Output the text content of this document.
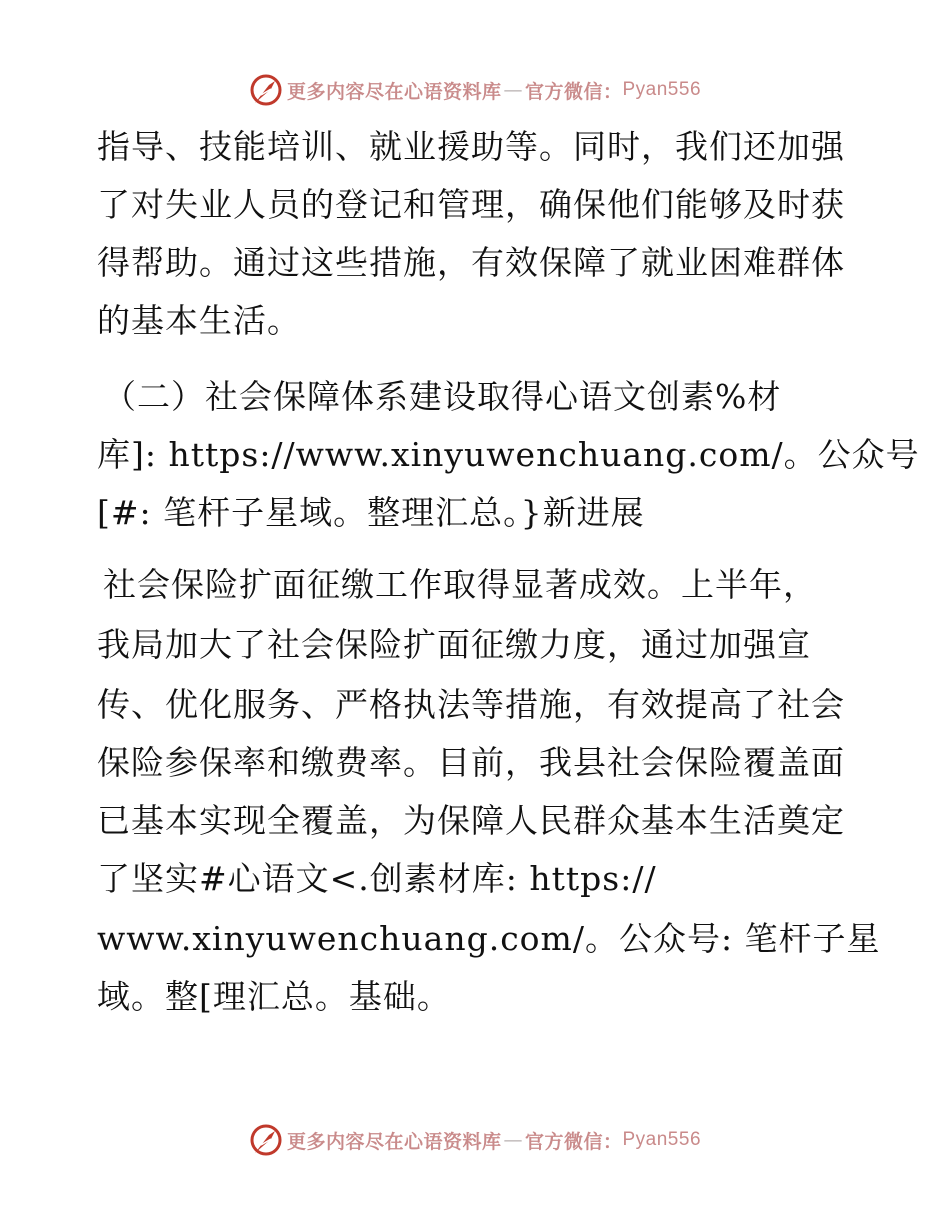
更多内容尽在心语资料库 — 官方微信： Pyan556
指导、技能培训、就业援助等。同时，我们还加强
了对失业人员的登记和管理，确保他们能够及时获
得帮助。通过这些措施，有效保障了就业困难群体
的基本生活。
（二）社会保障体系建设取得心语文创素%材
库]: https://www.xinyuwenchuang.com/。公众号
[#: 笔杆子星域。整理汇总。}新进展
社会保险扩面征缴工作取得显著成效。上半年，
我局加大了社会保险扩面征缴力度，通过加强宣
传、优化服务、严格执法等措施，有效提高了社会
保险参保率和缴费率。目前，我县社会保险覆盖面
已基本实现全覆盖，为保障人民群众基本生活奠定
了坚实#心语文<.创素材库: https://
www.xinyuwenchuang.com/。公众号: 笔杆子星
域。整[理汇总。基础。
更多内容尽在心语资料库 — 官方微信： Pyan556
